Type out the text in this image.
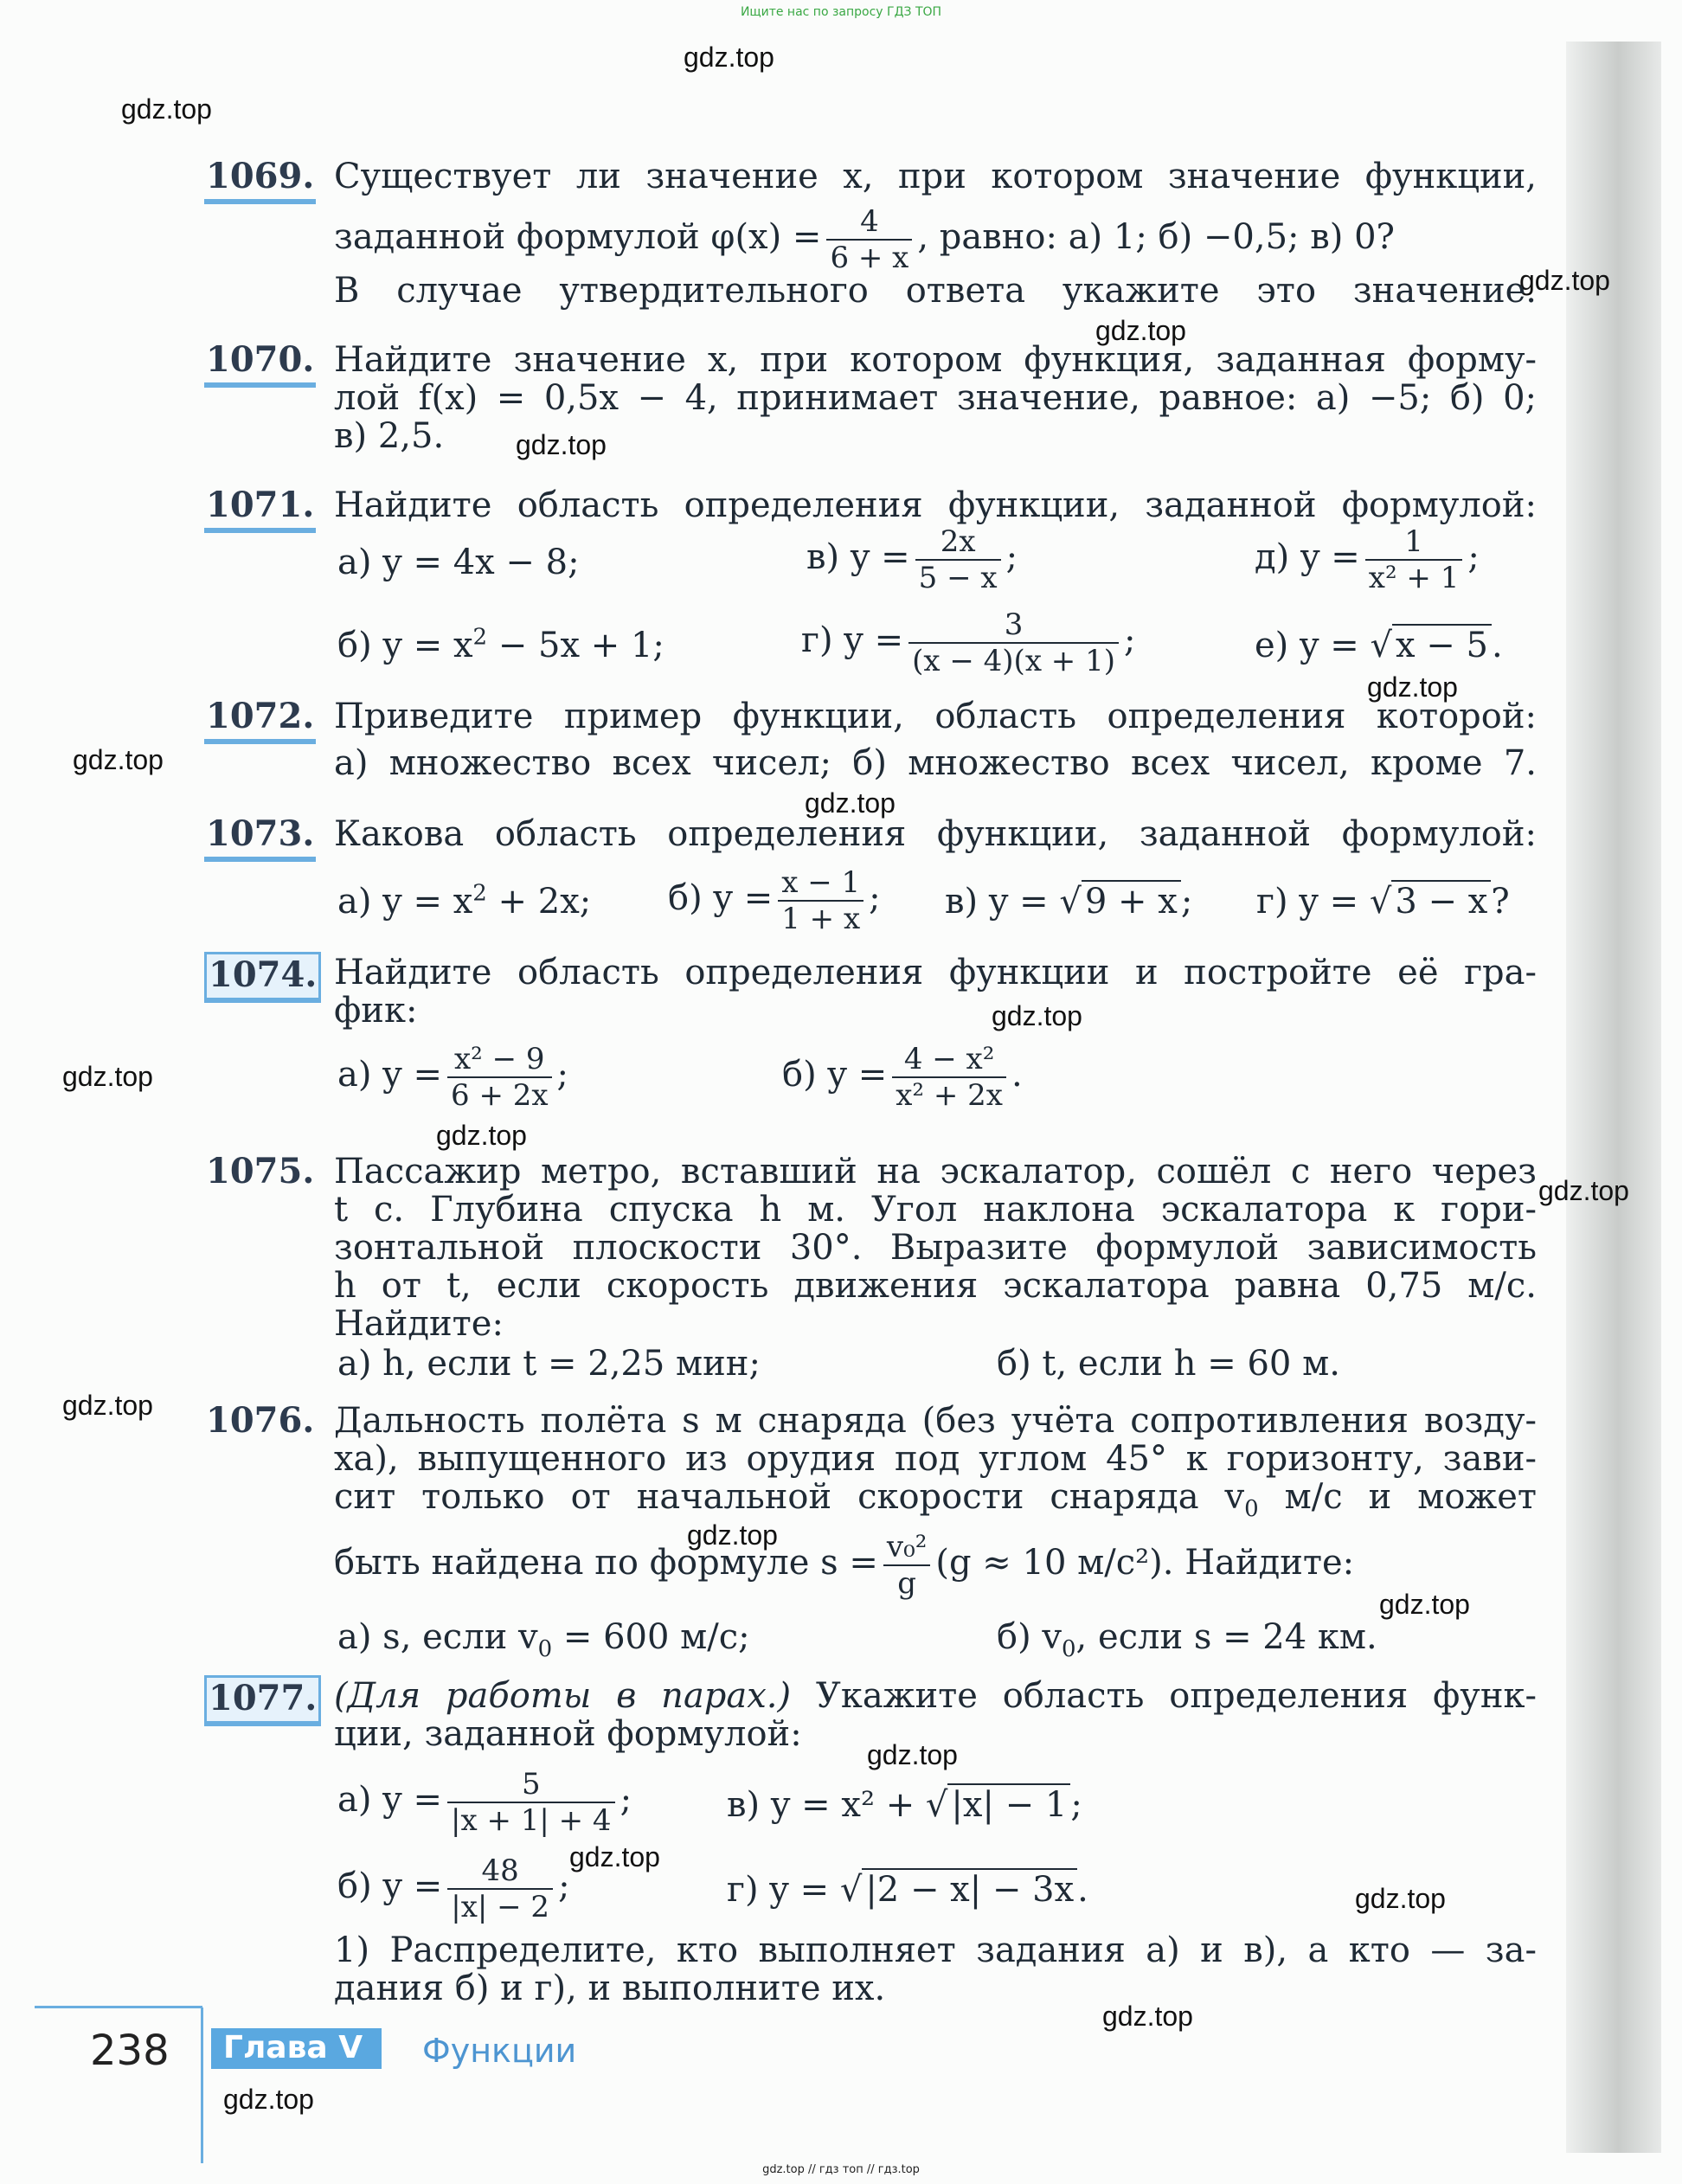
Ищите нас по запросу ГДЗ ТОП
gdz.top
gdz.top
gdz.top
gdz.top
gdz.top
gdz.top
gdz.top
gdz.top
gdz.top
gdz.top
gdz.top
gdz.top
gdz.top
gdz.top
gdz.top
gdz.top
gdz.top
gdz.top
gdz.top
gdz.top
1069. Существует ли значение x, при котором значение функции,
заданной формулой $\varphi(x) = \frac{4}{6 + x}$ , равно: а) 1; б) −0,5; в) 0?
В случае утвердительного ответа укажите это значение.
1070. Найдите значение x, при котором функция, заданная форму-
лой f(x) = 0,5x − 4, принимает значение, равное: а) −5; б) 0;
в) 2,5.
1071. Найдите область определения функции, заданной формулой:
а) y = 4x − 8;	в) $y = \frac{2x}{5 - x}$ ;	д) $y = \frac{1}{\text{x² + 1}}$ ;
б) $y = x^2 - 5x + 1$;	г) $y = \frac{3}{(x - 4)(x + 1)}$ ;	е) y = √ x − 5 .
1072. Приведите пример функции, область определения которой:
а) множество всех чисел; б) множество всех чисел, кроме 7.
1073. Какова область определения функции, заданной формулой:
а) $y = x^2 + 2x$; б) $y = \frac{x - 1}{1 + x}$ ; в) y = √ 9 + x ; г) y = √ 3 − x ?
1074. Найдите область определения функции и постройте её гра-
фик:
а) $y = \frac{\text{x² − 9}}{6 + 2x}$ ;	б) $y = \frac{\text{4 − x²}}{\text{x² + 2x}}$ .
1075. Пассажир метро, вставший на эскалатор, сошёл с него через
t с. Глубина спуска h м. Угол наклона эскалатора к гори-
зонтальной плоскости 30°. Выразите формулой зависимость
h от t, если скорость движения эскалатора равна 0,75 м/с.
Найдите:
а) h, если t = 2,25 мин;	б) t, если h = 60 м.
1076. Дальность полёта s м снаряда (без учёта сопротивления возду-
ха), выпущенного из орудия под углом 45° к горизонту, зави-
сит только от начальной скорости снаряда $v_0$ м/с и может
быть найдена по формуле $s = \frac{\text{v₀²}}{g} (g \approx 10$ м/с²). Найдите:
а) s, если $v_0 = 600$ м/с;	б) $v_0$, если s = 24 км.
1077. (Для работы в парах.) Укажите область определения функ-
ции, заданной формулой:
а) $y = \frac{5}{|x + 1| + 4}$ ;	в) y = x² + √ |x| − 1 ;
б) $y = \frac{48}{|x| - 2}$ ;	г) y = √ |2 − x| − 3x .
1) Распределите, кто выполняет задания а) и в), а кто — за-
дания б) и г), и выполните их.
238	Глава V	Функции
gdz.top // гдз топ // гдз.top
